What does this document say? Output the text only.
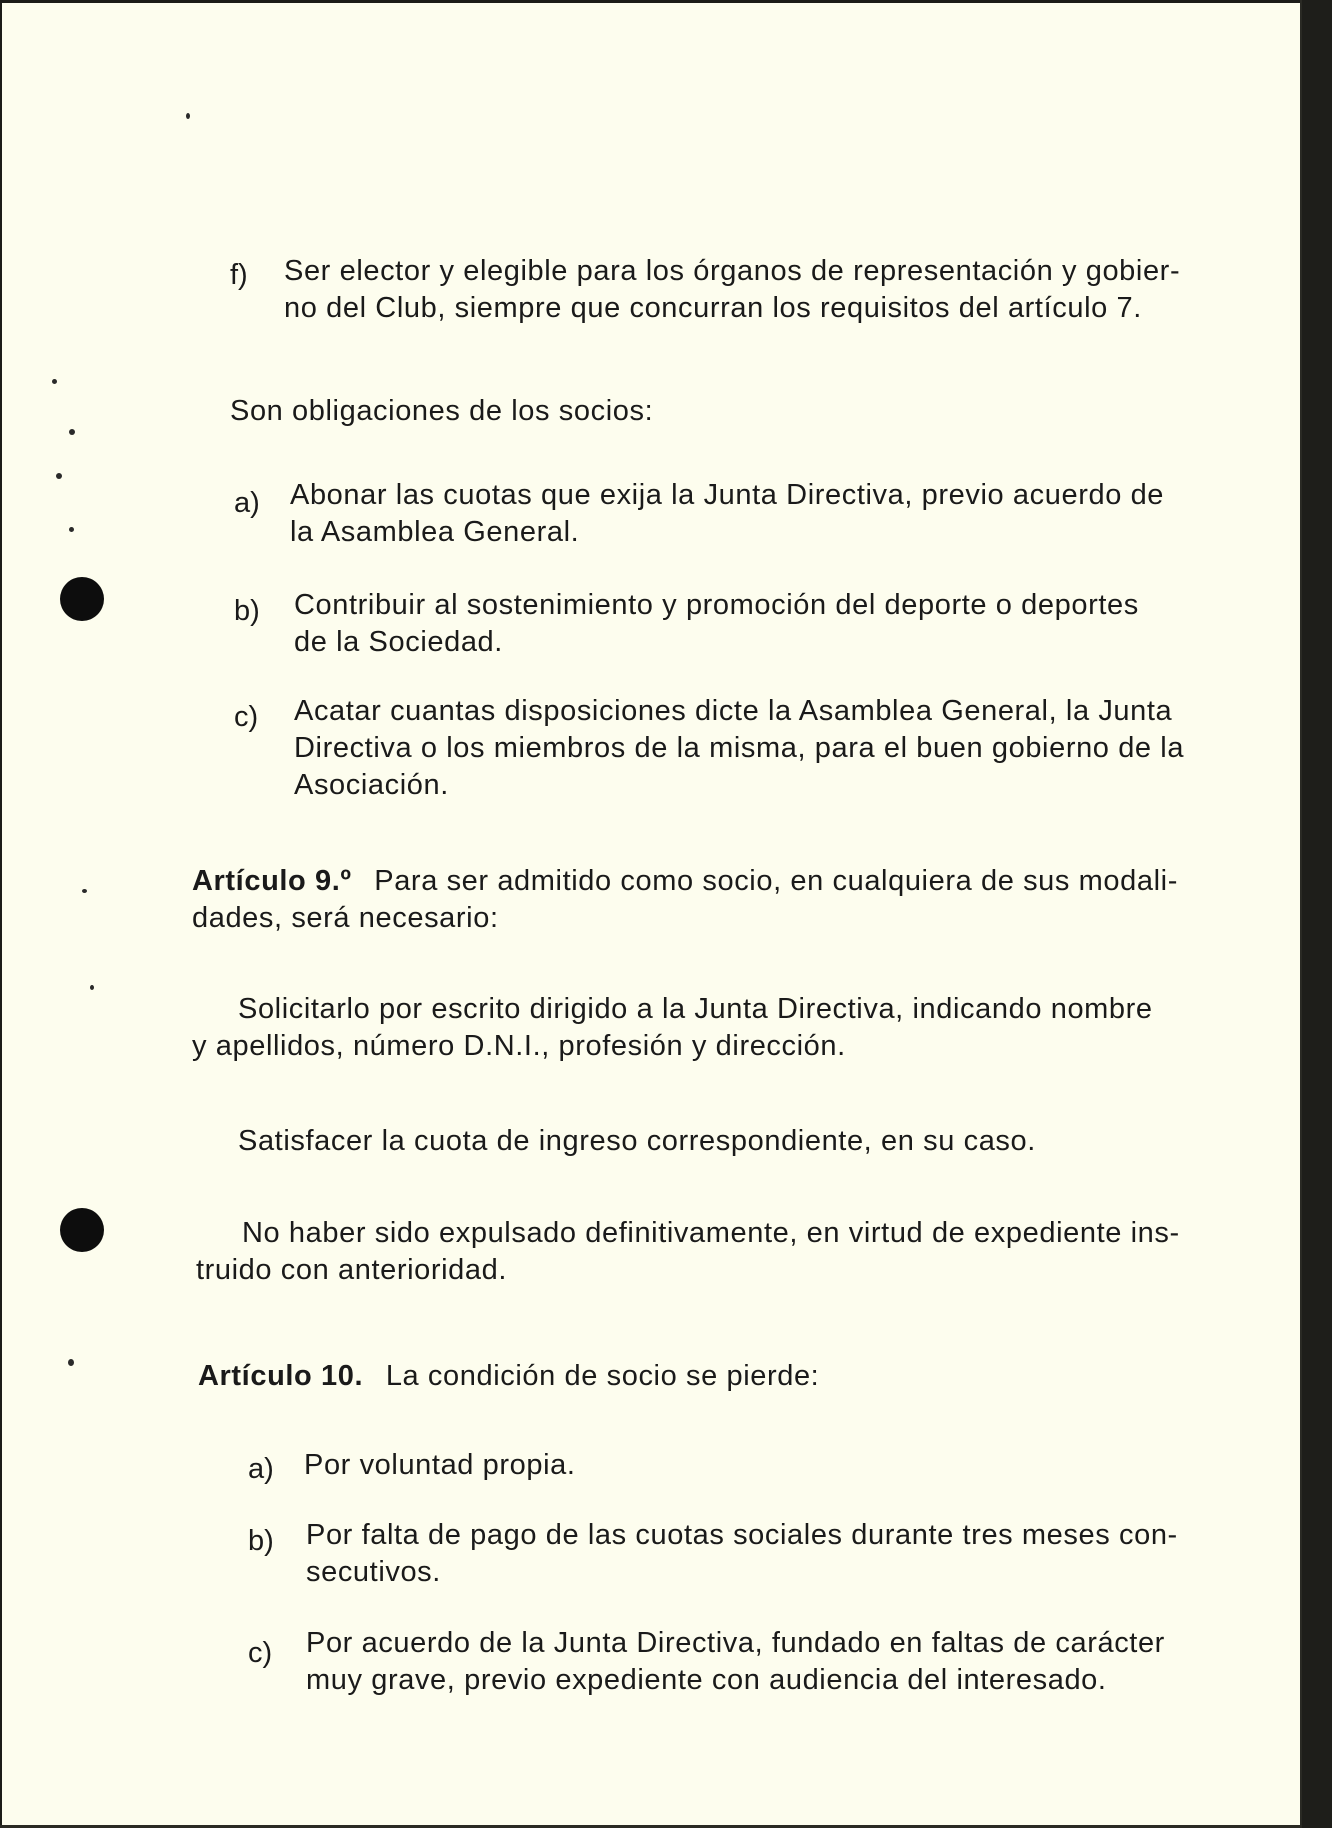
f) Ser elector y elegible para los órganos de representación y gobier-
no del Club, siempre que concurran los requisitos del artículo 7.
Son obligaciones de los socios:
a) Abonar las cuotas que exija la Junta Directiva, previo acuerdo de
la Asamblea General.
b) Contribuir al sostenimiento y promoción del deporte o deportes
de la Sociedad.
c) Acatar cuantas disposiciones dicte la Asamblea General, la Junta
Directiva o los miembros de la misma, para el buen gobierno de la
Asociación.
Artículo 9.º Para ser admitido como socio, en cualquiera de sus modali-
dades, será necesario:
Solicitarlo por escrito dirigido a la Junta Directiva, indicando nombre
y apellidos, número D.N.I., profesión y dirección.
Satisfacer la cuota de ingreso correspondiente, en su caso.
No haber sido expulsado definitivamente, en virtud de expediente ins-
truido con anterioridad.
Artículo 10. La condición de socio se pierde:
a) Por voluntad propia.
b) Por falta de pago de las cuotas sociales durante tres meses con-
secutivos.
c) Por acuerdo de la Junta Directiva, fundado en faltas de carácter
muy grave, previo expediente con audiencia del interesado.
